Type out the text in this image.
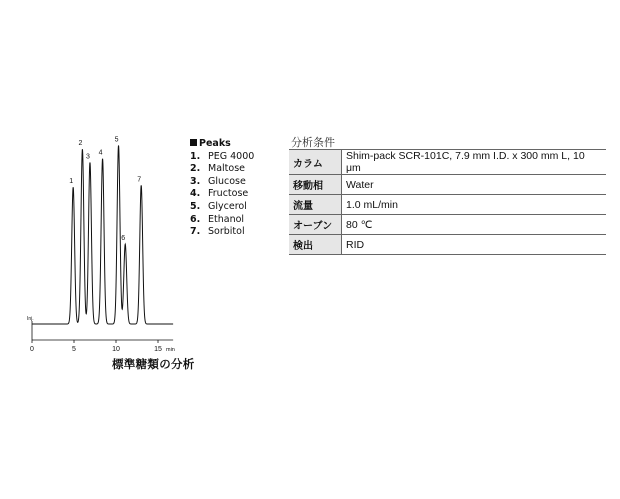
1
2
3
4
5
6
7
0	5	10	15 min
Inj.
標準糖類の分析
Peaks
1. PEG 4000
2. Maltose
3. Glucose
4. Fructose
5. Glycerol
6. Ethanol
7. Sorbitol
分析条件
カラム	Shim-pack SCR-101C, 7.9 mm I.D. x 300 mm L, 10 μm
移動相	Water
流量	1.0 mL/min
オーブン	80 ℃
検出	RID
